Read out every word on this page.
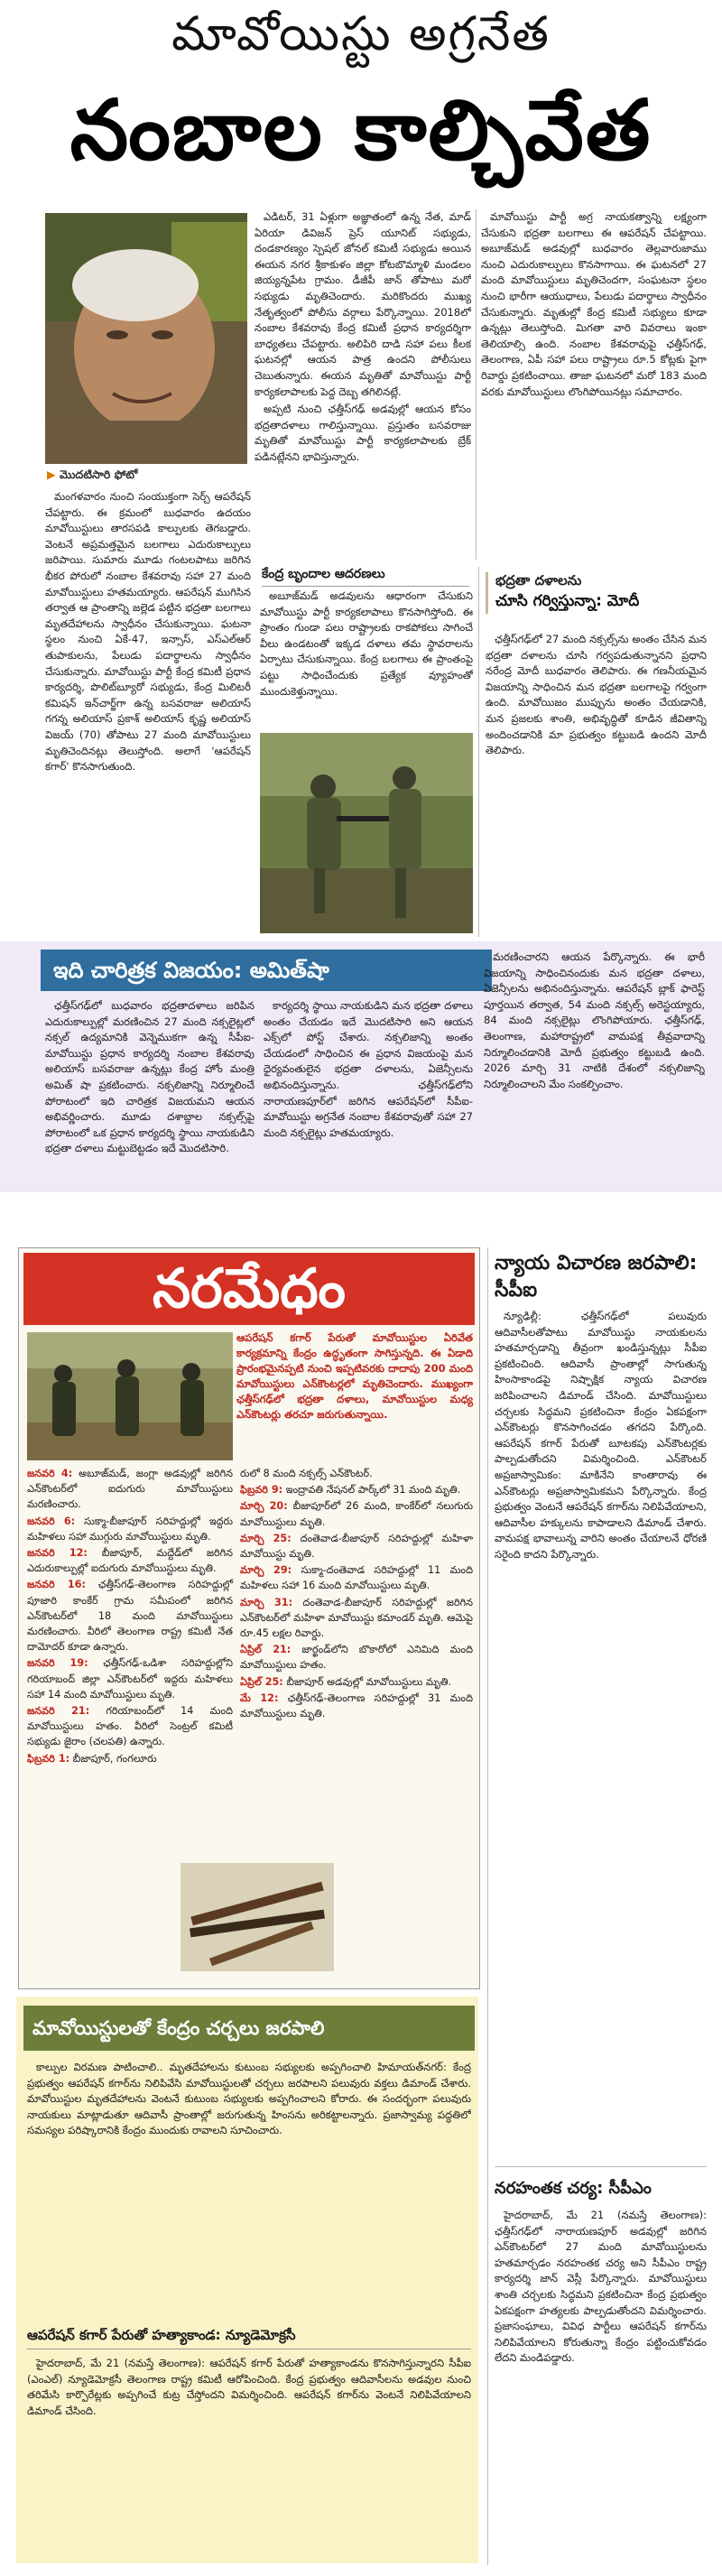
మావోయిస్టు అగ్రనేత
నంబాల కాల్చివేత
▶ మొదటిసారి ఫోటో

ఎడిటర్, 31 ఏళ్లుగా అజ్ఞాతంలో ఉన్న నేత, మాడ్ ఏరియా డివిజన్ ప్రెస్ యూనిట్ సభ్యుడు, దండకారణ్యం స్పెషల్ జోనల్ కమిటీ సభ్యుడు అయిన ఈయన నగర శ్రీకాకుళం జిల్లా కోటబొమ్మాళి మండలం జియ్యన్నపేట గ్రామం. డీజీపీ జాన్ తోపాటు మరో సభ్యుడు మృతిచెందారు. మరికొందరు ముఖ్య నేతృత్వంలో పోలీసు వర్గాలు పేర్కొన్నాయి. 2018లో నంబాల కేశవరావు కేంద్ర కమిటీ ప్రధాన కార్యదర్శిగా బాధ్యతలు చేపట్టారు. అలిపిరి దాడి సహా పలు కీలక ఘటనల్లో ఆయన పాత్ర ఉందని పోలీసులు చెబుతున్నారు. ఈయన మృతితో మావోయిస్టు పార్టీ కార్యకలాపాలకు పెద్ద దెబ్బ తగిలినట్లే.

అప్పటి నుంచి ఛత్తీస్‌గఢ్ అడవుల్లో ఆయన కోసం భద్రతాదళాలు గాలిస్తున్నాయి. ప్రస్తుతం బసవరాజు మృతితో మావోయిస్టు పార్టీ కార్యకలాపాలకు బ్రేక్ పడినట్లేనని భావిస్తున్నారు.

మావోయిస్టు పార్టీ అగ్ర నాయకత్వాన్ని లక్ష్యంగా చేసుకుని భద్రతా బలగాలు ఈ ఆపరేషన్ చేపట్టాయి. అబూజ్‌మడ్ అడవుల్లో బుధవారం తెల్లవారుజాము నుంచి ఎదురుకాల్పులు కొనసాగాయి. ఈ ఘటనలో 27 మంది మావోయిస్టులు మృతిచెందగా, సంఘటనా స్థలం నుంచి భారీగా ఆయుధాలు, పేలుడు పదార్థాలు స్వాధీనం చేసుకున్నారు. మృతుల్లో కేంద్ర కమిటీ సభ్యులు కూడా ఉన్నట్లు తెలుస్తోంది. మిగతా వారి వివరాలు ఇంకా తెలియాల్సి ఉంది. నంబాల కేశవరావుపై ఛత్తీస్‌గఢ్, తెలంగాణ, ఏపీ సహా పలు రాష్ట్రాలు రూ.5 కోట్లకు పైగా రివార్డు ప్రకటించాయి. తాజా ఘటనలో మరో 183 మంది వరకు మావోయిస్టులు లొంగిపోయినట్లు సమాచారం.

మంగళవారం నుంచి సంయుక్తంగా సెర్చ్ ఆపరేషన్ చేపట్టారు. ఈ క్రమంలో బుధవారం ఉదయం మావోయిస్టులు తారసపడి కాల్పులకు తెగబడ్డారు. వెంటనే అప్రమత్తమైన బలగాలు ఎదురుకాల్పులు జరిపాయి. సుమారు మూడు గంటలపాటు జరిగిన భీకర పోరులో నంబాల కేశవరావు సహా 27 మంది మావోయిస్టులు హతమయ్యారు. ఆపరేషన్ ముగిసిన తర్వాత ఆ ప్రాంతాన్ని జల్లెడ పట్టిన భద్రతా బలగాలు మృతదేహాలను స్వాధీనం చేసుకున్నాయి. ఘటనా స్థలం నుంచి ఏకే-47, ఇన్సాస్, ఎస్‌ఎల్‌ఆర్ తుపాకులను, పేలుడు పదార్థాలను స్వాధీనం చేసుకున్నారు. మావోయిస్టు పార్టీ కేంద్ర కమిటీ ప్రధాన కార్యదర్శి, పొలిట్‌బ్యూరో సభ్యుడు, కేంద్ర మిలిటరీ కమిషన్ ఇన్‌చార్జ్‌గా ఉన్న బసవరాజు అలియాస్ గగన్న అలియాస్ ప్రకాశ్ అలియాస్ కృష్ణ అలియాస్ విజయ్ (70) తోపాటు 27 మంది మావోయిస్టులు మృతిచెందినట్లు తెలుస్తోంది. అలాగే 'ఆపరేషన్ కగార్' కొనసాగుతుంది.

కేంద్ర బృందాల ఆదరణలు

అబూజ్‌మడ్ అడవులను ఆధారంగా చేసుకుని మావోయిస్టు పార్టీ కార్యకలాపాలు కొనసాగిస్తోంది. ఈ ప్రాంతం గుండా పలు రాష్ట్రాలకు రాకపోకలు సాగించే వీలు ఉండటంతో ఇక్కడ దళాలు తమ స్థావరాలను ఏర్పాటు చేసుకున్నాయి. కేంద్ర బలగాలు ఈ ప్రాంతంపై పట్టు సాధించేందుకు ప్రత్యేక వ్యూహంతో ముందుకెళ్తున్నాయి.

భద్రతా దళాలను
చూసి గర్విస్తున్నా: మోదీ

ఛత్తీస్‌గఢ్‌లో 27 మంది నక్సల్స్‌ను అంతం చేసిన మన భద్రతా దళాలను చూసి గర్వపడుతున్నానని ప్రధాని నరేంద్ర మోదీ బుధవారం తెలిపారు. ఈ గణనీయమైన విజయాన్ని సాధించిన మన భద్రతా బలగాలపై గర్వంగా ఉంది. మావోయిజం ముప్పును అంతం చేయడానికి, మన ప్రజలకు శాంతి, అభివృద్ధితో కూడిన జీవితాన్ని అందించడానికి మా ప్రభుత్వం కట్టుబడి ఉందని మోదీ తెలిపారు.

ఇది చారిత్రక విజయం: అమిత్‌షా

ఛత్తీస్‌గఢ్‌లో బుధవారం భద్రతాదళాలు జరిపిన ఎదురుకాల్పుల్లో మరణించిన 27 మంది నక్సలైట్లలో నక్సల్ ఉద్యమానికి వెన్నెముకగా ఉన్న సీపీఐ-మావోయిస్టు ప్రధాన కార్యదర్శి నంబాల కేశవరావు అలియాస్ బసవరాజు ఉన్నట్లు కేంద్ర హోం మంత్రి అమిత్ షా ప్రకటించారు. నక్సలిజాన్ని నిర్మూలించే పోరాటంలో ఇది చారిత్రక విజయమని ఆయన అభివర్ణించారు. మూడు దశాబ్దాల నక్సల్స్‌పై పోరాటంలో ఒక ప్రధాన కార్యదర్శి స్థాయి నాయకుడిని భద్రతా దళాలు మట్టుబెట్టడం ఇదే మొదటిసారి.

కార్యదర్శి స్థాయి నాయకుడిని మన భద్రతా దళాలు అంతం చేయడం ఇదే మొదటిసారి అని ఆయన ఎక్స్‌లో పోస్ట్ చేశారు. నక్సలిజాన్ని అంతం చేయడంలో సాధించిన ఈ ప్రధాన విజయంపై మన ధైర్యవంతులైన భద్రతా దళాలను, ఏజెన్సీలను అభినందిస్తున్నాను. ఛత్తీస్‌గఢ్‌లోని నారాయణపూర్‌లో జరిగిన ఆపరేషన్‌లో సీపీఐ-మావోయిస్టు అగ్రనేత నంబాల కేశవరావుతో సహా 27 మంది నక్సలైట్లు హతమయ్యారు.

మరణించారని ఆయన పేర్కొన్నారు. ఈ భారీ విజయాన్ని సాధించినందుకు మన భద్రతా దళాలు, ఏజెన్సీలను అభినందిస్తున్నాను. ఆపరేషన్ బ్లాక్ ఫారెస్ట్ పూర్తయిన తర్వాత, 54 మంది నక్సల్స్ అరెస్టయ్యారు, 84 మంది నక్సలైట్లు లొంగిపోయారు. ఛత్తీస్‌గఢ్, తెలంగాణ, మహారాష్ట్రలో వామపక్ష తీవ్రవాదాన్ని నిర్మూలించడానికి మోదీ ప్రభుత్వం కట్టుబడి ఉంది. 2026 మార్చి 31 నాటికి దేశంలో నక్సలిజాన్ని నిర్మూలించాలని మేం సంకల్పించాం.

నరమేధం
ఆపరేషన్ కగార్ పేరుతో మావోయిస్టుల ఏరివేత కార్యక్రమాన్ని కేంద్రం ఉద్ధృతంగా సాగిస్తున్నది. ఈ ఏడాది ప్రారంభమైనప్పటి నుంచి ఇప్పటివరకు దాదాపు 200 మంది మావోయిస్టులు ఎన్‌కౌంటర్లలో మృతిచెందారు. ముఖ్యంగా ఛత్తీస్‌గఢ్‌లో భద్రతా దళాలు, మావోయిస్టుల మధ్య ఎన్‌కౌంటర్లు తరచూ జరుగుతున్నాయి.
జనవరి 4: అబూజ్‌మడ్, జంగ్లా అడవుల్లో జరిగిన ఎన్‌కౌంటర్‌లో ఐదుగురు మావోయిస్టులు మరణించారు.
జనవరి 6: సుక్మా-బీజాపూర్ సరిహద్దుల్లో ఇద్దరు మహిళలు సహా ముగ్గురు మావోయిస్టులు మృతి.
జనవరి 12: బీజాపూర్, మద్దేడ్‌లో జరిగిన ఎదురుకాల్పుల్లో ఐదుగురు మావోయిస్టులు మృతి.
జనవరి 16: ఛత్తీస్‌గఢ్-తెలంగాణ సరిహద్దుల్లో పూజారి కాంకేర్ గ్రామ సమీపంలో జరిగిన ఎన్‌కౌంటర్‌లో 18 మంది మావోయిస్టులు మరణించారు. వీరిలో తెలంగాణ రాష్ట్ర కమిటీ నేత దామోదర్ కూడా ఉన్నారు.
జనవరి 19: ఛత్తీస్‌గఢ్-ఒడిశా సరిహద్దుల్లోని గరియాబంద్ జిల్లా ఎన్‌కౌంటర్‌లో ఇద్దరు మహిళలు సహా 14 మంది మావోయిస్టులు మృతి.
జనవరి 21: గరియాబంద్‌లో 14 మంది మావోయిస్టులు హతం. వీరిలో సెంట్రల్ కమిటీ సభ్యుడు జైరాం (చలపతి) ఉన్నారు.
ఫిబ్రవరి 1: బీజాపూర్, గంగలూరు
రులో 8 మంది నక్సల్స్ ఎన్‌కౌంటర్.
ఫిబ్రవరి 9: ఇంద్రావతి నేషనల్ పార్క్‌లో 31 మంది మృతి.
మార్చి 20: బీజాపూర్‌లో 26 మంది, కాంకేర్‌లో నలుగురు మావోయిస్టులు మృతి.
మార్చి 25: దంతెవాడ-బీజాపూర్ సరిహద్దుల్లో మహిళా మావోయిస్టు మృతి.
మార్చి 29: సుక్మా-దంతెవాడ సరిహద్దుల్లో 11 మంది మహిళలు సహా 16 మంది మావోయిస్టులు మృతి.
మార్చి 31: దంతెవాడ-బీజాపూర్ సరిహద్దుల్లో జరిగిన ఎన్‌కౌంటర్‌లో మహిళా మావోయిస్టు కమాండర్ మృతి. ఆమెపై రూ.45 లక్షల రివార్డు.
ఏప్రిల్ 21: జార్ఖండ్‌లోని బొకారోలో ఎనిమిది మంది మావోయిస్టులు హతం.
ఏప్రిల్ 25: బీజాపూర్ అడవుల్లో మావోయిస్టులు మృతి.
మే 12: ఛత్తీస్‌గఢ్-తెలంగాణ సరిహద్దుల్లో 31 మంది మావోయిస్టులు మృతి.
న్యాయ విచారణ జరపాలి: సీపీఐ

న్యూఢిల్లీ: ఛత్తీస్‌గఢ్‌లో పలువురు ఆదివాసీలతోపాటు మావోయిస్టు నాయకులను హతమార్చడాన్ని తీవ్రంగా ఖండిస్తున్నట్లు సీపీఐ ప్రకటించింది. ఆదివాసీ ప్రాంతాల్లో సాగుతున్న హింసాకాండపై నిష్పాక్షిక న్యాయ విచారణ జరిపించాలని డిమాండ్ చేసింది. మావోయిస్టులు చర్చలకు సిద్ధమని ప్రకటించినా కేంద్రం ఏకపక్షంగా ఎన్‌కౌంటర్లు కొనసాగించడం తగదని పేర్కొంది. ఆపరేషన్ కగార్ పేరుతో బూటకపు ఎన్‌కౌంటర్లకు పాల్పడుతోందని విమర్శించింది. ఎన్‌కౌంటర్ అప్రజాస్వామికం: మాకినేని కాంతారావు ఈ ఎన్‌కౌంటర్లు అప్రజాస్వామికమని పేర్కొన్నారు. కేంద్ర ప్రభుత్వం వెంటనే ఆపరేషన్ కగార్‌ను నిలిపివేయాలని, ఆదివాసీల హక్కులను కాపాడాలని డిమాండ్ చేశారు. వామపక్ష భావాలున్న వారిని అంతం చేయాలనే ధోరణి సరైంది కాదని పేర్కొన్నారు.

నరహంతక చర్య: సీపీఎం

హైదరాబాద్, మే 21 (నమస్తే తెలంగాణ): ఛత్తీస్‌గఢ్‌లో నారాయణపూర్ అడవుల్లో జరిగిన ఎన్‌కౌంటర్‌లో 27 మంది మావోయిస్టులను హతమార్చడం నరహంతక చర్య అని సీపీఎం రాష్ట్ర కార్యదర్శి జాన్ వెస్లీ పేర్కొన్నారు. మావోయిస్టులు శాంతి చర్చలకు సిద్ధమని ప్రకటించినా కేంద్ర ప్రభుత్వం ఏకపక్షంగా హత్యలకు పాల్పడుతోందని విమర్శించారు. ప్రజాసంఘాలు, వివిధ పార్టీలు ఆపరేషన్ కగార్‌ను నిలిపివేయాలని కోరుతున్నా కేంద్రం పట్టించుకోవడం లేదని మండిపడ్డారు.

మావోయిస్టులతో కేంద్రం చర్చలు జరపాలి

కాల్పుల విరమణ పాటించాలి.. మృతదేహాలను కుటుంబ సభ్యులకు అప్పగించాలి హిమాయత్‌నగర్: కేంద్ర ప్రభుత్వం ఆపరేషన్ కగార్‌ను నిలిపివేసి మావోయిస్టులతో చర్చలు జరపాలని పలువురు వక్తలు డిమాండ్ చేశారు. మావోయిస్టుల మృతదేహాలను వెంటనే కుటుంబ సభ్యులకు అప్పగించాలని కోరారు. ఈ సందర్భంగా పలువురు నాయకులు మాట్లాడుతూ ఆదివాసీ ప్రాంతాల్లో జరుగుతున్న హింసను అరికట్టాలన్నారు. ప్రజాస్వామ్య పద్ధతిలో సమస్యల పరిష్కారానికి కేంద్రం ముందుకు రావాలని సూచించారు.

ఆపరేషన్ కగార్ పేరుతో హత్యాకాండ: న్యూడెమోక్రసీ

హైదరాబాద్, మే 21 (నమస్తే తెలంగాణ): ఆపరేషన్ కగార్ పేరుతో హత్యాకాండను కొనసాగిస్తున్నారని సీపీఐ (ఎంఎల్) న్యూడెమోక్రసీ తెలంగాణ రాష్ట్ర కమిటీ ఆరోపించింది. కేంద్ర ప్రభుత్వం ఆదివాసీలను అడవుల నుంచి తరిమేసి కార్పొరేట్లకు అప్పగించే కుట్ర చేస్తోందని విమర్శించింది. ఆపరేషన్ కగార్‌ను వెంటనే నిలిపివేయాలని డిమాండ్ చేసింది.
